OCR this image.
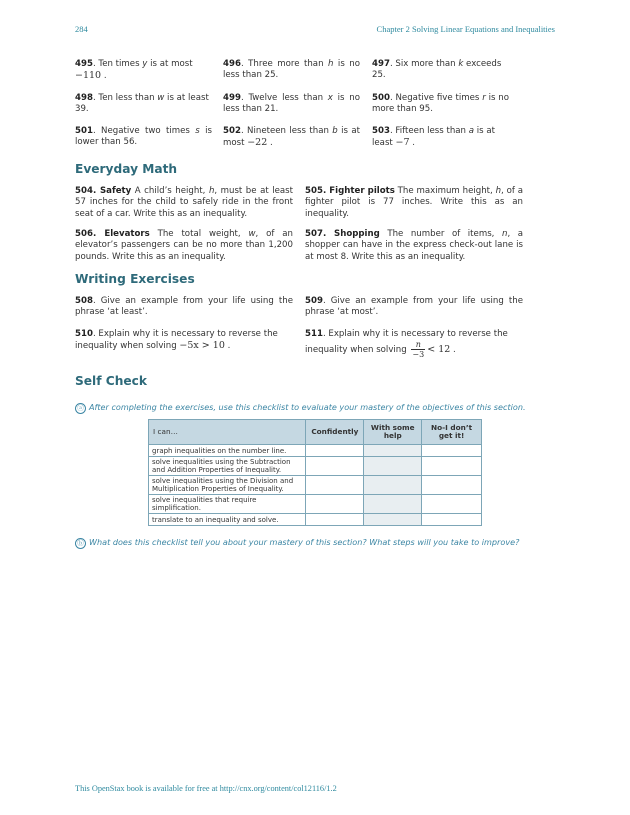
284	Chapter 2 Solving Linear Equations and Inequalities
495. Ten times y is at most −110 .
496. Three more than h is no less than 25.
497. Six more than k exceeds 25.
498. Ten less than w is at least 39.
499. Twelve less than x is no less than 21.
500. Negative five times r is no more than 95.
501. Negative two times s is lower than 56.
502. Nineteen less than b is at most −22 .
503. Fifteen less than a is at least −7 .
Everyday Math
504. Safety A child’s height, h, must be at least 57 inches for the child to safely ride in the front seat of a car. Write this as an inequality.
505. Fighter pilots The maximum height, h, of a fighter pilot is 77 inches. Write this as an inequality.
506. Elevators The total weight, w, of an elevator’s passengers can be no more than 1,200 pounds. Write this as an inequality.
507. Shopping The number of items, n, a shopper can have in the express check-out lane is at most 8. Write this as an inequality.
Writing Exercises
508. Give an example from your life using the phrase ‘at least’.
509. Give an example from your life using the phrase ‘at most’.
510. Explain why it is necessary to reverse the inequality when solving −5x > 10 .
511. Explain why it is necessary to reverse the inequality when solving $\frac{n}{-3} < 12$ .
Self Check
ⓐ After completing the exercises, use this checklist to evaluate your mastery of the objectives of this section.
I can…	Confidently	With some help	No-I don’t get it!
graph inequalities on the number line.			
solve inequalities using the Subtraction and Addition Properties of Inequality.			
solve inequalities using the Division and Multiplication Properties of Inequality.			
solve inequalities that require simplification.			
translate to an inequality and solve.			
ⓑ What does this checklist tell you about your mastery of this section? What steps will you take to improve?
This OpenStax book is available for free at http://cnx.org/content/col12116/1.2
